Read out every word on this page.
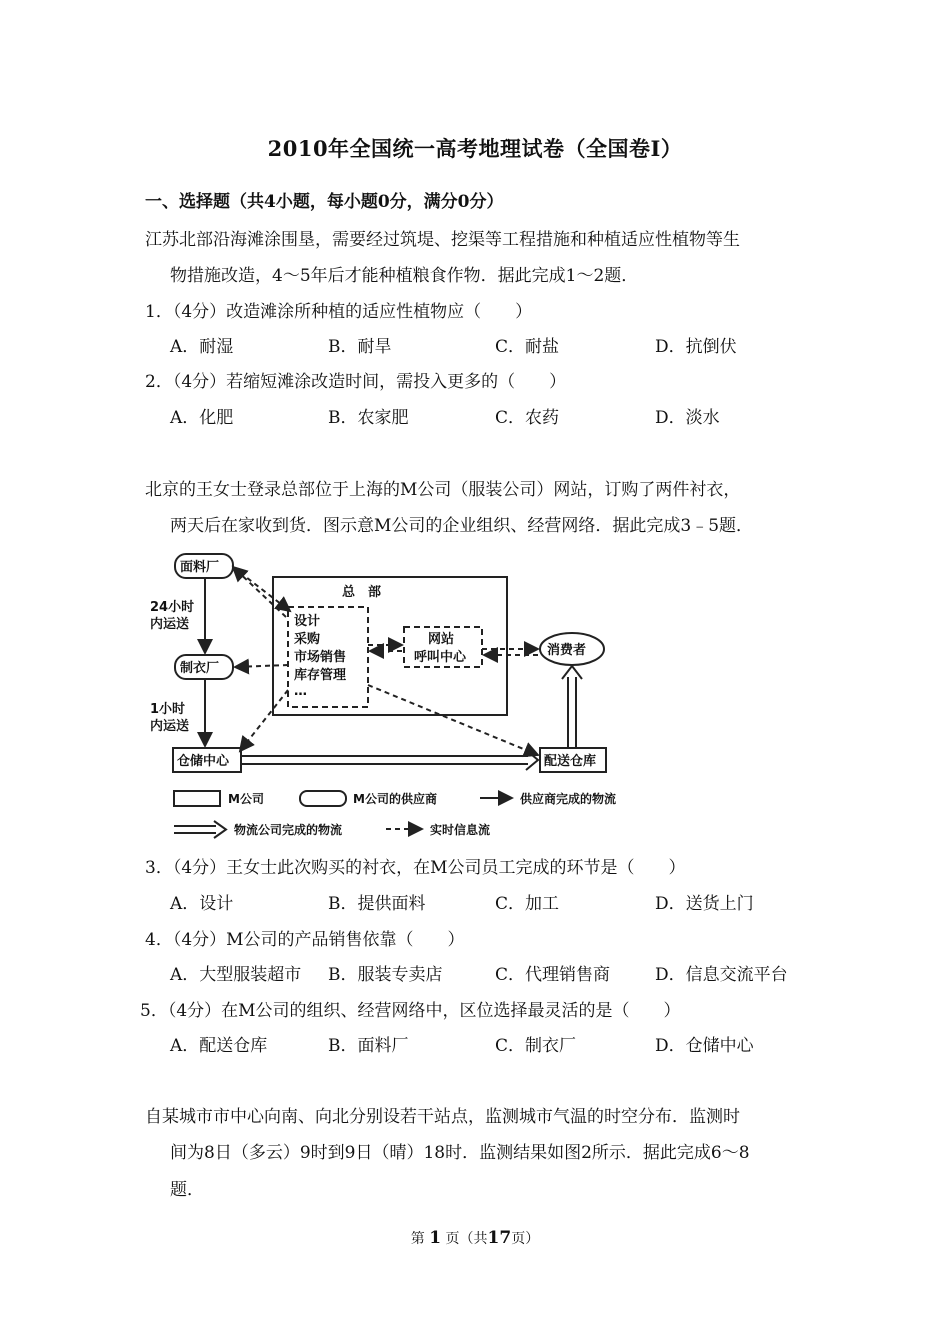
2010年全国统一高考地理试卷（全国卷Ⅰ）
一、选择题（共4小题，每小题0分，满分0分）
江苏北部沿海滩涂围垦，需要经过筑堤、挖渠等工程措施和种植适应性植物等生
物措施改造，4～5年后才能种植粮食作物．据此完成1～2题．
1．（4分）改造滩涂所种植的适应性植物应（　　）
A．耐湿	B．耐旱	C．耐盐	D．抗倒伏
2．（4分）若缩短滩涂改造时间，需投入更多的（　　）
A．化肥	B．农家肥	C．农药	D．淡水
北京的王女士登录总部位于上海的M公司（服装公司）网站，订购了两件衬衣，
两天后在家收到货．图示意M公司的企业组织、经营网络．据此完成3﹣5题．
面料厂
24小时
内运送
制衣厂
1小时
内运送
仓储中心
总　部
设计
采购
市场销售
库存管理
…
网站
呼叫中心	消费者
配送仓库
M公司	M公司的供应商	供应商完成的物流
物流公司完成的物流	实时信息流
3．（4分）王女士此次购买的衬衣，在M公司员工完成的环节是（　　）
A．设计	B．提供面料	C．加工	D．送货上门
4．（4分）M公司的产品销售依靠（　　）
A．大型服装超市 B．服装专卖店	C．代理销售商	D．信息交流平台
5．（4分）在M公司的组织、经营网络中，区位选择最灵活的是（　　）
A．配送仓库	B．面料厂	C．制衣厂	D．仓储中心
自某城市市中心向南、向北分别设若干站点，监测城市气温的时空分布．监测时
间为8日（多云）9时到9日（晴）18时．监测结果如图2所示．据此完成6～8
题．
第 1 页（共17页）
